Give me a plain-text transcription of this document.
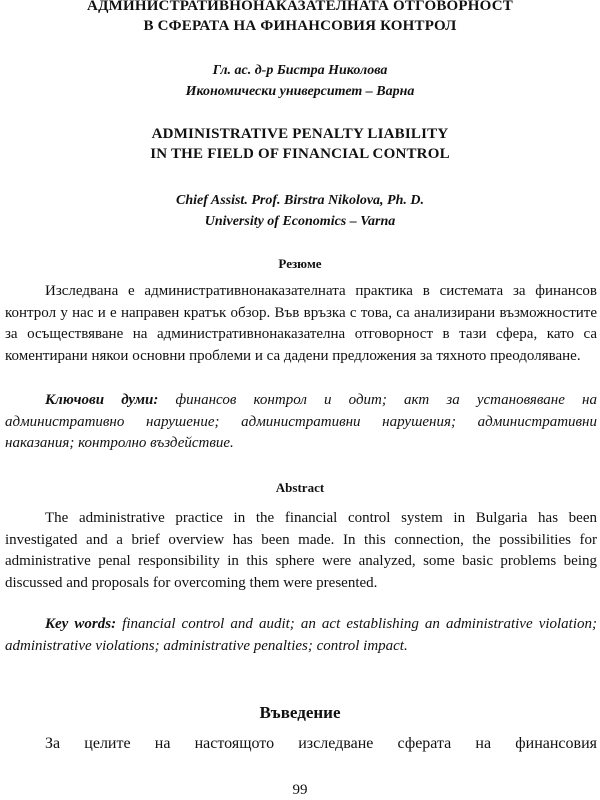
АДМИНИСТРАТИВНОНАКАЗАТЕЛНАТА ОТГОВОРНОСТ

В СФЕРАТА НА ФИНАНСОВИЯ КОНТРОЛ

Гл. ас. д-р Бистра Николова
Икономически университет – Варна

ADMINISTRATIVE PENALTY LIABILITY

IN THE FIELD OF FINANCIAL CONTROL

Chief Assist. Prof. Birstra Nikolova, Ph. D.
University of Economics – Varna
Резюме

Изследвана е административнонаказателната практика в системата за финансов контрол у нас и е направен кратък обзор. Във връзка с това, са анализирани възможностите за осъществяване на административнонаказателна отговорност в тази сфера, като са коментирани някои основни проблеми и са дадени предложения за тяхното преодоляване.

Ключови думи: финансов контрол и одит; акт за установяване на административно нарушение; административни нарушения; административни наказания; контролно въздействие.

Abstract

The administrative practice in the financial control system in Bulgaria has been investigated and a brief overview has been made. In this connection, the possibilities for administrative penal responsibility in this sphere were analyzed, some basic problems being discussed and proposals for overcoming them were presented.

Key words: financial control and audit; an act establishing an administrative violation; administrative violations; administrative penalties; control impact.

Въведение

За целите на настоящото изследване сферата на финансовия

99
